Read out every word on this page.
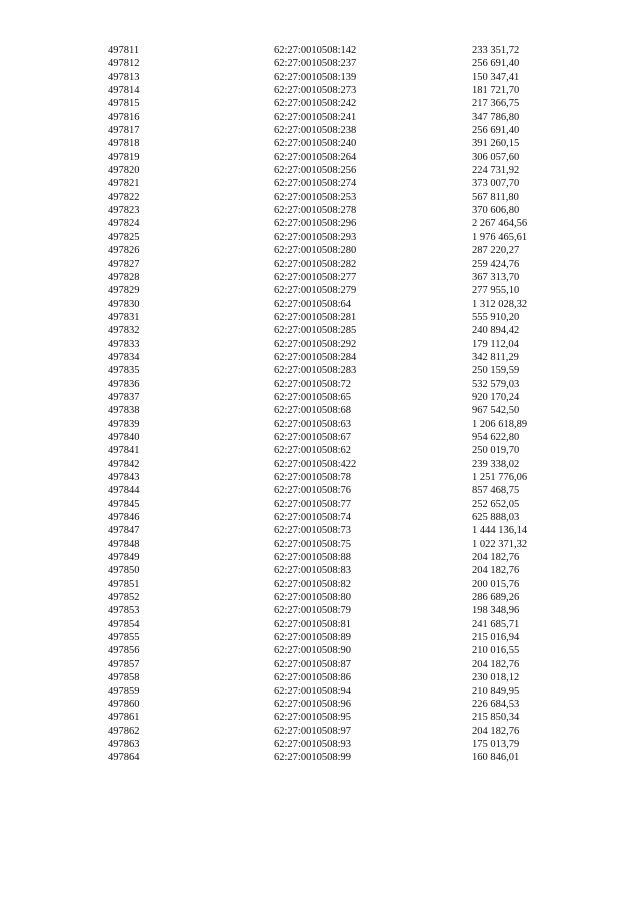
497811	62:27:0010508:142	233 351,72
497812	62:27:0010508:237	256 691,40
497813	62:27:0010508:139	150 347,41
497814	62:27:0010508:273	181 721,70
497815	62:27:0010508:242	217 366,75
497816	62:27:0010508:241	347 786,80
497817	62:27:0010508:238	256 691,40
497818	62:27:0010508:240	391 260,15
497819	62:27:0010508:264	306 057,60
497820	62:27:0010508:256	224 731,92
497821	62:27:0010508:274	373 007,70
497822	62:27:0010508:253	567 811,80
497823	62:27:0010508:278	370 606,80
497824	62:27:0010508:296	2 267 464,56
497825	62:27:0010508:293	1 976 465,61
497826	62:27:0010508:280	287 220,27
497827	62:27:0010508:282	259 424,76
497828	62:27:0010508:277	367 313,70
497829	62:27:0010508:279	277 955,10
497830	62:27:0010508:64	1 312 028,32
497831	62:27:0010508:281	555 910,20
497832	62:27:0010508:285	240 894,42
497833	62:27:0010508:292	179 112,04
497834	62:27:0010508:284	342 811,29
497835	62:27:0010508:283	250 159,59
497836	62:27:0010508:72	532 579,03
497837	62:27:0010508:65	920 170,24
497838	62:27:0010508:68	967 542,50
497839	62:27:0010508:63	1 206 618,89
497840	62:27:0010508:67	954 622,80
497841	62:27:0010508:62	250 019,70
497842	62:27:0010508:422	239 338,02
497843	62:27:0010508:78	1 251 776,06
497844	62:27:0010508:76	857 468,75
497845	62:27:0010508:77	252 652,05
497846	62:27:0010508:74	625 888,03
497847	62:27:0010508:73	1 444 136,14
497848	62:27:0010508:75	1 022 371,32
497849	62:27:0010508:88	204 182,76
497850	62:27:0010508:83	204 182,76
497851	62:27:0010508:82	200 015,76
497852	62:27:0010508:80	286 689,26
497853	62:27:0010508:79	198 348,96
497854	62:27:0010508:81	241 685,71
497855	62:27:0010508:89	215 016,94
497856	62:27:0010508:90	210 016,55
497857	62:27:0010508:87	204 182,76
497858	62:27:0010508:86	230 018,12
497859	62:27:0010508:94	210 849,95
497860	62:27:0010508:96	226 684,53
497861	62:27:0010508:95	215 850,34
497862	62:27:0010508:97	204 182,76
497863	62:27:0010508:93	175 013,79
497864	62:27:0010508:99	160 846,01
